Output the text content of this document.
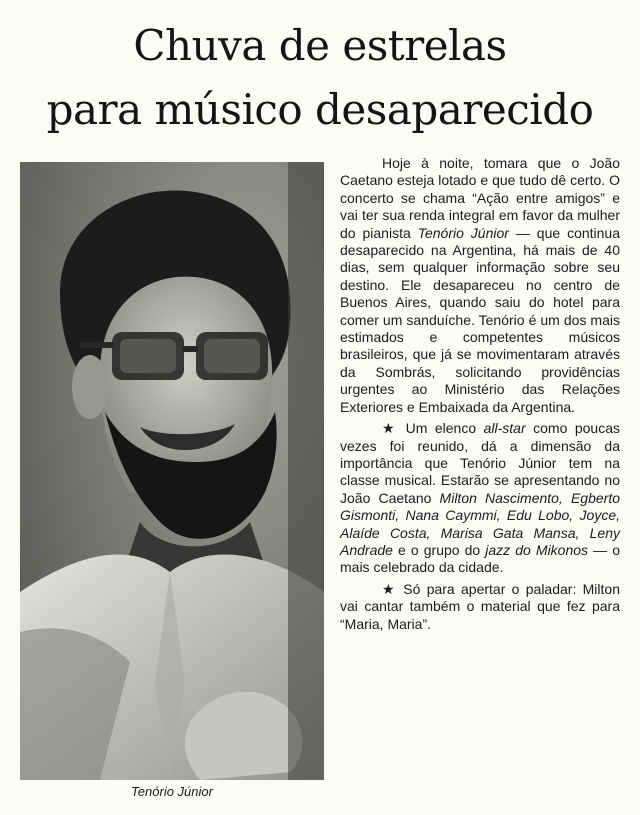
Chuva de estrelas
para músico desaparecido
Tenório Júnior

Hoje à noite, tomara que o João Caetano esteja lotado e que tudo dê certo. O concerto se chama “Ação entre amigos” e vai ter sua renda integral em favor da mulher do pianista Tenório Júnior — que continua desaparecido na Argentina, há mais de 40 dias, sem qualquer informação sobre seu destino. Ele desapareceu no centro de Buenos Aires, quando saiu do hotel para comer um sanduíche. Tenório é um dos mais estimados e competentes músicos brasileiros, que já se movimentaram através da Sombrás, solicitando providências urgentes ao Ministério das Relações Exteriores e Embaixada da Argentina.

★ Um elenco all-star como poucas vezes foi reunido, dá a dimensão da importância que Tenório Júnior tem na classe musical. Estarão se apresentando no João Caetano Milton Nascimento, Egberto Gismonti, Nana Caymmi, Edu Lobo, Joyce, Alaíde Costa, Marisa Gata Mansa, Leny Andrade e o grupo do jazz do Mikonos — o mais celebrado da cidade.

★ Só para apertar o paladar: Milton vai cantar também o material que fez para “Maria, Maria”.
